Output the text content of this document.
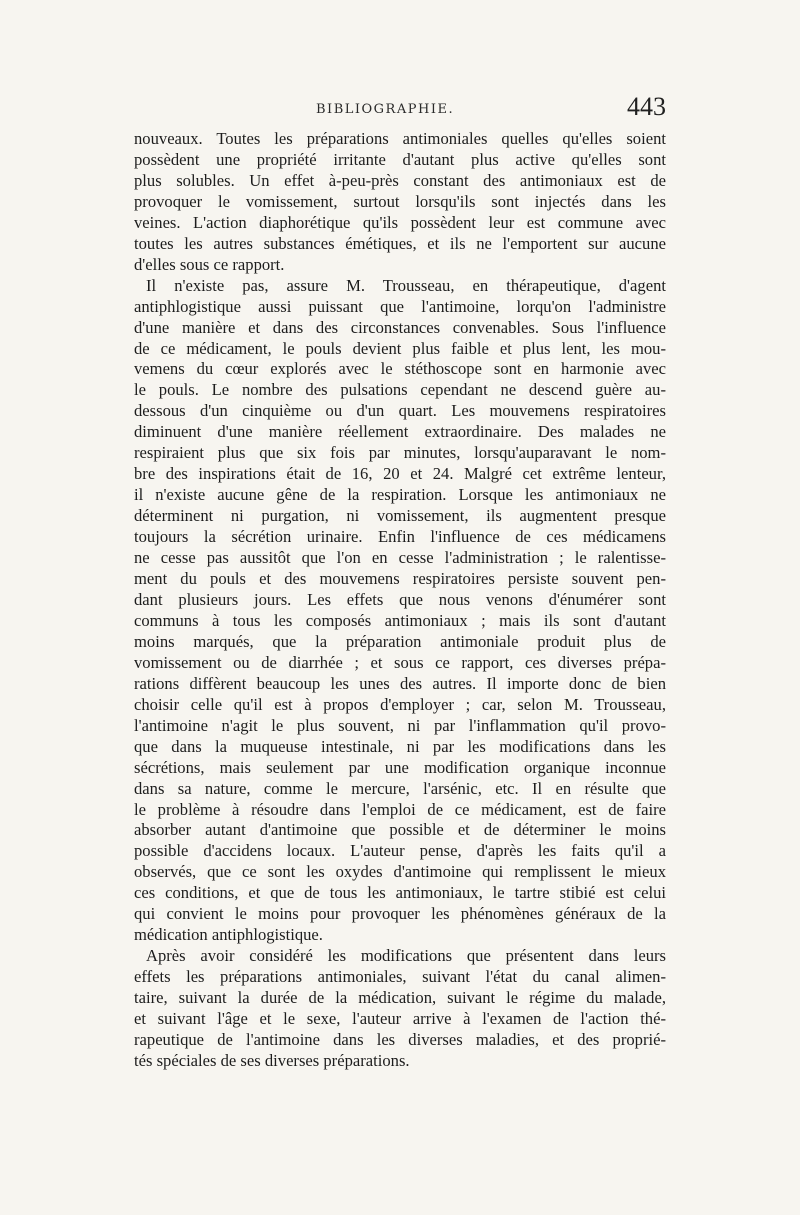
BIBLIOGRAPHIE.	443
nouveaux. Toutes les préparations antimoniales quelles qu'elles soient
possèdent une propriété irritante d'autant plus active qu'elles sont
plus solubles. Un effet à-peu-près constant des antimoniaux est de
provoquer le vomissement, surtout lorsqu'ils sont injectés dans les
veines. L'action diaphorétique qu'ils possèdent leur est commune avec
toutes les autres substances émétiques, et ils ne l'emportent sur aucune
d'elles sous ce rapport.
Il n'existe pas, assure M. Trousseau, en thérapeutique, d'agent
antiphlogistique aussi puissant que l'antimoine, lorqu'on l'administre
d'une manière et dans des circonstances convenables. Sous l'influence
de ce médicament, le pouls devient plus faible et plus lent, les mou-
vemens du cœur explorés avec le stéthoscope sont en harmonie avec
le pouls. Le nombre des pulsations cependant ne descend guère au-
dessous d'un cinquième ou d'un quart. Les mouvemens respiratoires
diminuent d'une manière réellement extraordinaire. Des malades ne
respiraient plus que six fois par minutes, lorsqu'auparavant le nom-
bre des inspirations était de 16, 20 et 24. Malgré cet extrême lenteur,
il n'existe aucune gêne de la respiration. Lorsque les antimoniaux ne
déterminent ni purgation, ni vomissement, ils augmentent presque
toujours la sécrétion urinaire. Enfin l'influence de ces médicamens
ne cesse pas aussitôt que l'on en cesse l'administration ; le ralentisse-
ment du pouls et des mouvemens respiratoires persiste souvent pen-
dant plusieurs jours. Les effets que nous venons d'énumérer sont
communs à tous les composés antimoniaux ; mais ils sont d'autant
moins marqués, que la préparation antimoniale produit plus de
vomissement ou de diarrhée ; et sous ce rapport, ces diverses prépa-
rations diffèrent beaucoup les unes des autres. Il importe donc de bien
choisir celle qu'il est à propos d'employer ; car, selon M. Trousseau,
l'antimoine n'agit le plus souvent, ni par l'inflammation qu'il provo-
que dans la muqueuse intestinale, ni par les modifications dans les
sécrétions, mais seulement par une modification organique inconnue
dans sa nature, comme le mercure, l'arsénic, etc. Il en résulte que
le problème à résoudre dans l'emploi de ce médicament, est de faire
absorber autant d'antimoine que possible et de déterminer le moins
possible d'accidens locaux. L'auteur pense, d'après les faits qu'il a
observés, que ce sont les oxydes d'antimoine qui remplissent le mieux
ces conditions, et que de tous les antimoniaux, le tartre stibié est celui
qui convient le moins pour provoquer les phénomènes généraux de la
médication antiphlogistique.
Après avoir considéré les modifications que présentent dans leurs
effets les préparations antimoniales, suivant l'état du canal alimen-
taire, suivant la durée de la médication, suivant le régime du malade,
et suivant l'âge et le sexe, l'auteur arrive à l'examen de l'action thé-
rapeutique de l'antimoine dans les diverses maladies, et des proprié-
tés spéciales de ses diverses préparations.
